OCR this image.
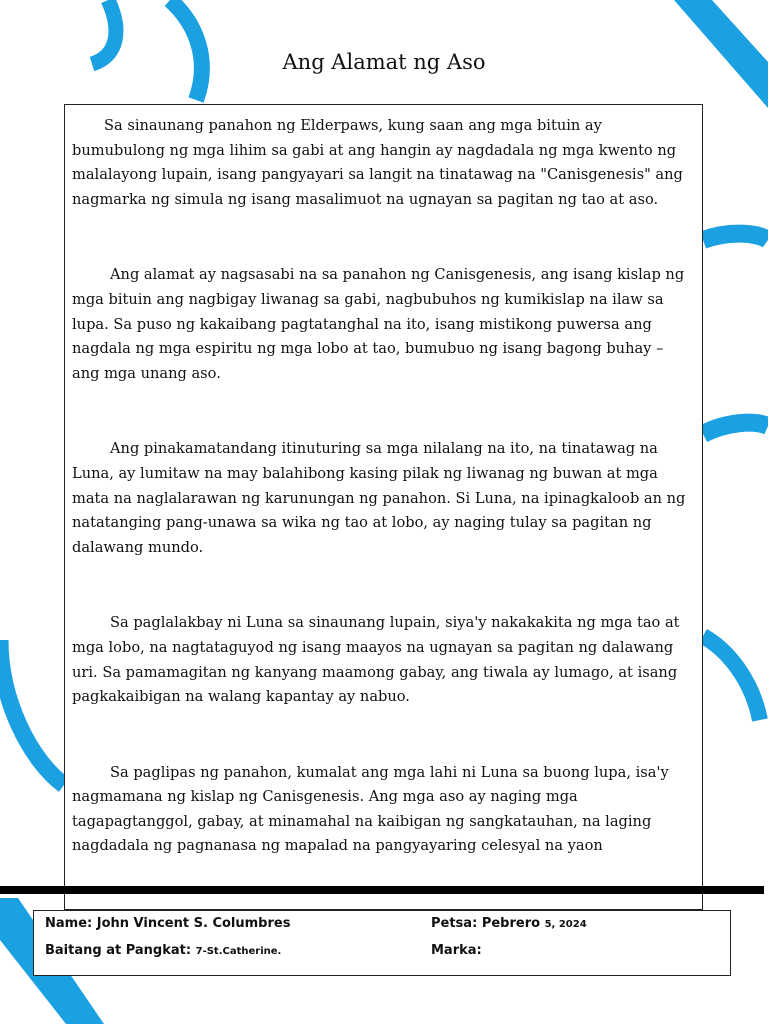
Ang Alamat ng Aso

Sa sinaunang panahon ng Elderpaws, kung saan ang mga bituin ay bumubulong ng mga lihim sa gabi at ang hangin ay nagdadala ng mga kwento ng malalayong lupain, isang pangyayari sa langit na tinatawag na "Canisgenesis" ang nagmarka ng simula ng isang masalimuot na ugnayan sa pagitan ng tao at aso.

Ang alamat ay nagsasabi na sa panahon ng Canisgenesis, ang isang kislap ng mga bituin ang nagbigay liwanag sa gabi, nagbubuhos ng kumikislap na ilaw sa lupa. Sa puso ng kakaibang pagtatanghal na ito, isang mistikong puwersa ang nagdala ng mga espiritu ng mga lobo at tao, bumubuo ng isang bagong buhay – ang mga unang aso.

Ang pinakamatandang itinuturing sa mga nilalang na ito, na tinatawag na Luna, ay lumitaw na may balahibong kasing pilak ng liwanag ng buwan at mga mata na naglalarawan ng karunungan ng panahon. Si Luna, na ipinagkaloob an ng natatanging pang-unawa sa wika ng tao at lobo, ay naging tulay sa pagitan ng dalawang mundo.

Sa paglalakbay ni Luna sa sinaunang lupain, siya'y nakakakita ng mga tao at mga lobo, na nagtataguyod ng isang maayos na ugnayan sa pagitan ng dalawang uri. Sa pamamagitan ng kanyang maamong gabay, ang tiwala ay lumago, at isang pagkakaibigan na walang kapantay ay nabuo.

Sa paglipas ng panahon, kumalat ang mga lahi ni Luna sa buong lupa, isa'y nagmamana ng kislap ng Canisgenesis. Ang mga aso ay naging mga tagapagtanggol, gabay, at minamahal na kaibigan ng sangkatauhan, na laging nagdadala ng pagnanasa ng mapalad na pangyayaring celesyal na yaon

Name: John Vincent S. Columbres
Baitang at Pangkat: 7-St.Catherine.
Petsa: Pebrero 5, 2024
Marka:
